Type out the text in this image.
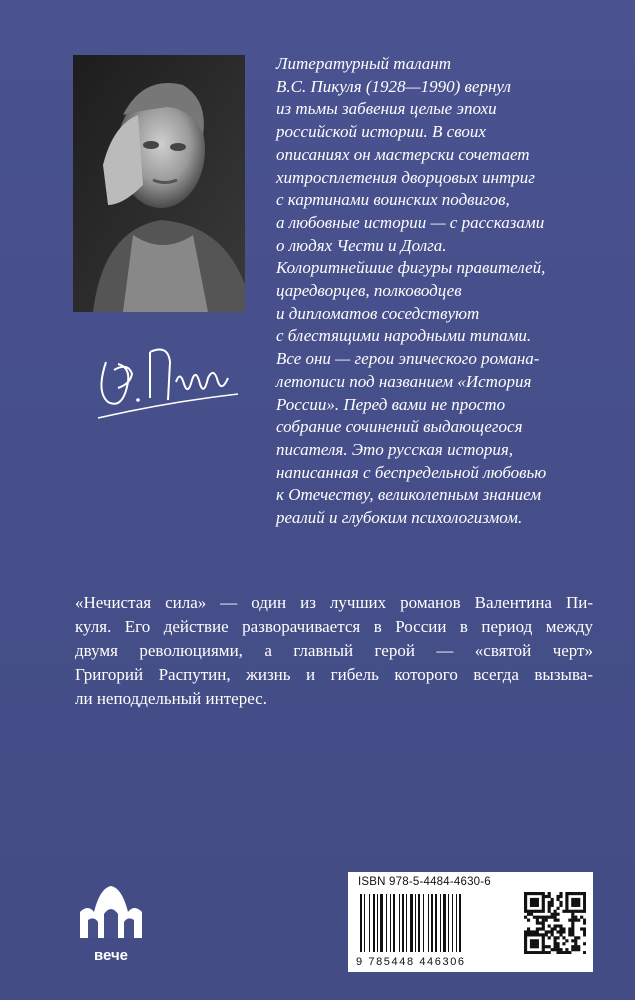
Литературный талант
В.С. Пикуля (1928—1990) вернул
из тьмы забвения целые эпохи
российской истории. В своих
описаниях он мастерски сочетает
хитросплетения дворцовых интриг
с картинами воинских подвигов,
а любовные истории — с рассказами
о людях Чести и Долга.
Колоритнейшие фигуры правителей,
царедворцев, полководцев
и дипломатов соседствуют
с блестящими народными типами.
Все они — герои эпического романа-
летописи под названием «История
России». Перед вами не просто
собрание сочинений выдающегося
писателя. Это русская история,
написанная с беспредельной любовью
к Отечеству, великолепным знанием
реалий и глубоким психологизмом.
«Нечистая сила» — один из лучших романов Валентина Пи-
куля. Его действие разворачивается в России в период между
двумя революциями, а главный герой — «святой черт»
Григорий Распутин, жизнь и гибель которого всегда вызыва-
ли неподдельный интерес.
вече
ISBN 978-5-4484-4630-6
9 785448 446306
